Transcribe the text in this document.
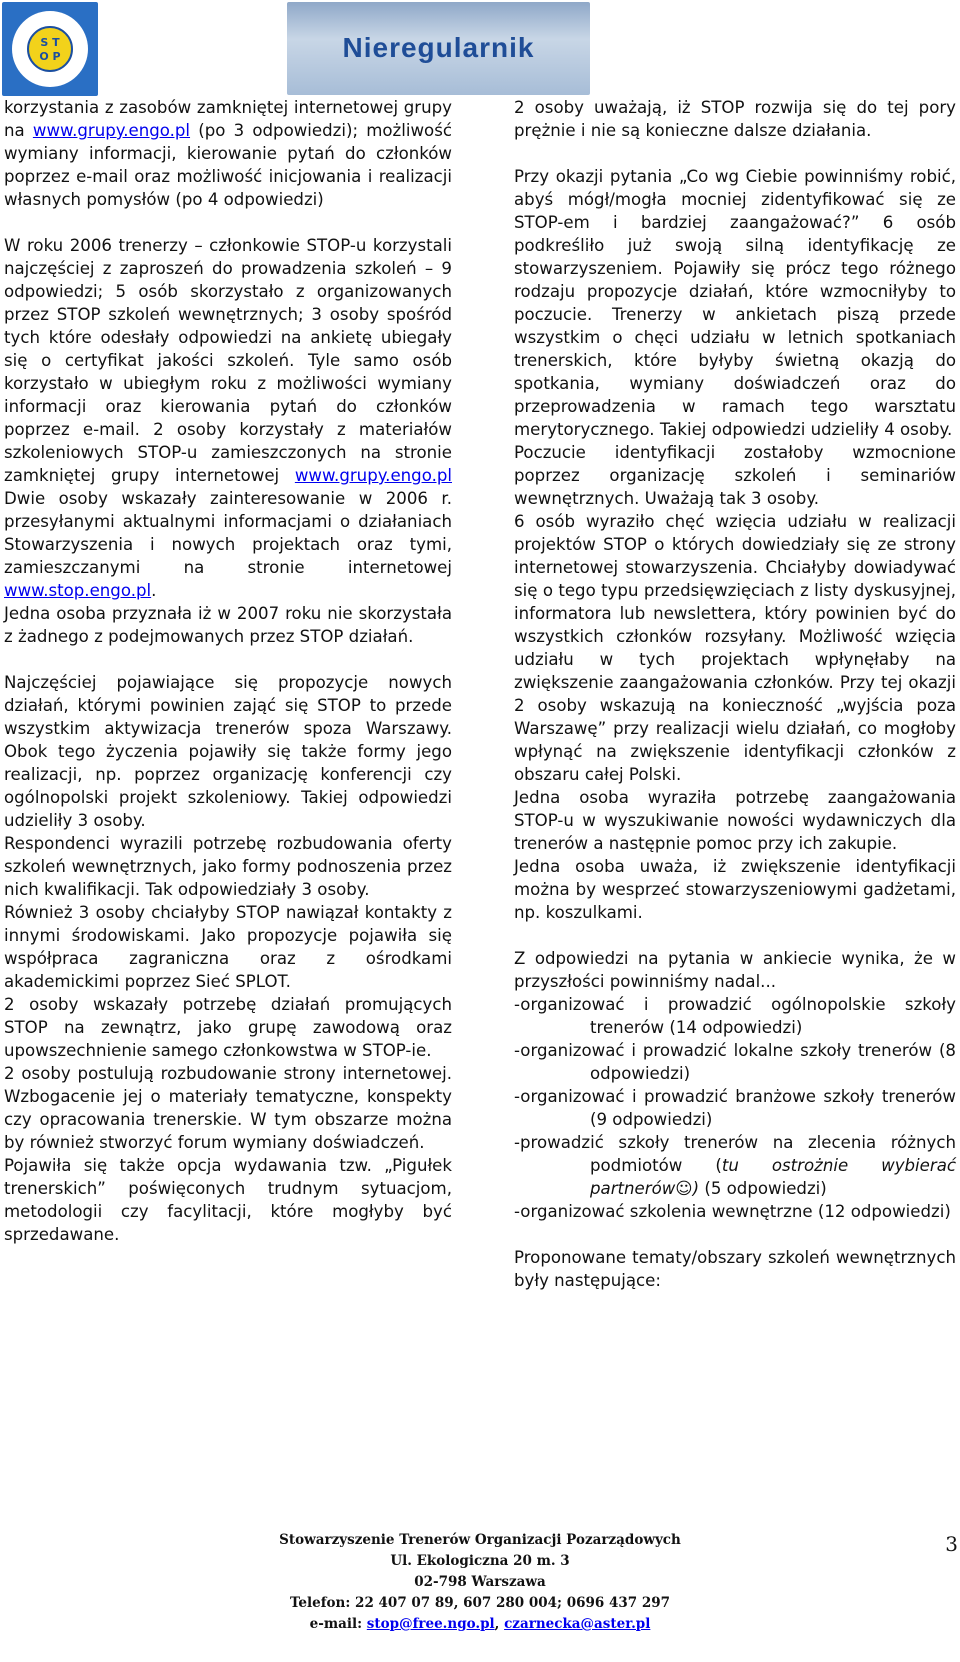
S T
O P	Nieregularnik

korzystania z zasobów zamkniętej internetowej grupy na www.grupy.engo.pl (po 3 odpowiedzi); możliwość wymiany informacji, kierowanie pytań do członków poprzez e-mail oraz możliwość inicjowania i realizacji własnych pomysłów (po 4 odpowiedzi)

W roku 2006 trenerzy – członkowie STOP-u korzystali najczęściej z zaproszeń do prowadzenia szkoleń – 9 odpowiedzi; 5 osób skorzystało z organizowanych przez STOP szkoleń wewnętrznych; 3 osoby spośród tych które odesłały odpowiedzi na ankietę ubiegały się o certyfikat jakości szkoleń. Tyle samo osób korzystało w ubiegłym roku z możliwości wymiany informacji oraz kierowania pytań do członków poprzez e-mail. 2 osoby korzystały z materiałów szkoleniowych STOP-u zamieszczonych na stronie zamkniętej grupy internetowej www.grupy.engo.pl Dwie osoby wskazały zainteresowanie w 2006 r. przesyłanymi aktualnymi informacjami o działaniach Stowarzyszenia i nowych projektach oraz tymi, zamieszczanymi na stronie internetowej www.stop.engo.pl.

Jedna osoba przyznała iż w 2007 roku nie skorzystała z żadnego z podejmowanych przez STOP działań.

Najczęściej pojawiające się propozycje nowych działań, którymi powinien zająć się STOP to przede wszystkim aktywizacja trenerów spoza Warszawy. Obok tego życzenia pojawiły się także formy jego realizacji, np. poprzez organizację konferencji czy ogólnopolski projekt szkoleniowy. Takiej odpowiedzi udzieliły 3 osoby.

Respondenci wyrazili potrzebę rozbudowania oferty szkoleń wewnętrznych, jako formy podnoszenia przez nich kwalifikacji. Tak odpowiedziały 3 osoby.

Również 3 osoby chciałyby STOP nawiązał kontakty z innymi środowiskami. Jako propozycje pojawiła się współpraca zagraniczna oraz z ośrodkami akademickimi poprzez Sieć SPLOT.

2 osoby wskazały potrzebę działań promujących STOP na zewnątrz, jako grupę zawodową oraz upowszechnienie samego członkowstwa w STOP-ie.

2 osoby postulują rozbudowanie strony internetowej. Wzbogacenie jej o materiały tematyczne, konspekty czy opracowania trenerskie. W tym obszarze można by również stworzyć forum wymiany doświadczeń.

Pojawiła się także opcja wydawania tzw. „Pigułek trenerskich” poświęconych trudnym sytuacjom, metodologii czy facylitacji, które mogłyby być sprzedawane.

2 osoby uważają, iż STOP rozwija się do tej pory prężnie i nie są konieczne dalsze działania.

Przy okazji pytania „Co wg Ciebie powinniśmy robić, abyś mógł/mogła mocniej zidentyfikować się ze STOP-em i bardziej zaangażować?” 6 osób podkreśliło już swoją silną identyfikację ze stowarzyszeniem. Pojawiły się prócz tego różnego rodzaju propozycje działań, które wzmocniłyby to poczucie. Trenerzy w ankietach piszą przede wszystkim o chęci udziału w letnich spotkaniach trenerskich, które byłyby świetną okazją do spotkania, wymiany doświadczeń oraz do przeprowadzenia w ramach tego warsztatu merytorycznego. Takiej odpowiedzi udzieliły 4 osoby.

Poczucie identyfikacji zostałoby wzmocnione poprzez organizację szkoleń i seminariów wewnętrznych. Uważają tak 3 osoby.

6 osób wyraziło chęć wzięcia udziału w realizacji projektów STOP o których dowiedziały się ze strony internetowej stowarzyszenia. Chciałyby dowiadywać się o tego typu przedsięwzięciach z listy dyskusyjnej, informatora lub newslettera, który powinien być do wszystkich członków rozsyłany. Możliwość wzięcia udziału w tych projektach wpłynęłaby na zwiększenie zaangażowania członków. Przy tej okazji 2 osoby wskazują na konieczność „wyjścia poza Warszawę” przy realizacji wielu działań, co mogłoby wpłynąć na zwiększenie identyfikacji członków z obszaru całej Polski.

Jedna osoba wyraziła potrzebę zaangażowania STOP-u w wyszukiwanie nowości wydawniczych dla trenerów a następnie pomoc przy ich zakupie.

Jedna osoba uważa, iż zwiększenie identyfikacji można by wesprzeć stowarzyszeniowymi gadżetami, np. koszulkami.

Z odpowiedzi na pytania w ankiecie wynika, że w przyszłości powinniśmy nadal...

-organizować i prowadzić ogólnopolskie szkoły trenerów (14 odpowiedzi)

-organizować i prowadzić lokalne szkoły trenerów (8 odpowiedzi)

-organizować i prowadzić branżowe szkoły trenerów (9 odpowiedzi)

-prowadzić szkoły trenerów na zlecenia różnych podmiotów (tu ostrożnie wybierać partnerów☺) (5 odpowiedzi)

-organizować szkolenia wewnętrzne (12 odpowiedzi)

Proponowane tematy/obszary szkoleń wewnętrznych były następujące:

3
Stowarzyszenie Trenerów Organizacji Pozarządowych
Ul. Ekologiczna 20 m. 3
02-798 Warszawa
Telefon: 22 407 07 89, 607 280 004; 0696 437 297
e-mail: stop@free.ngo.pl, czarnecka@aster.pl
